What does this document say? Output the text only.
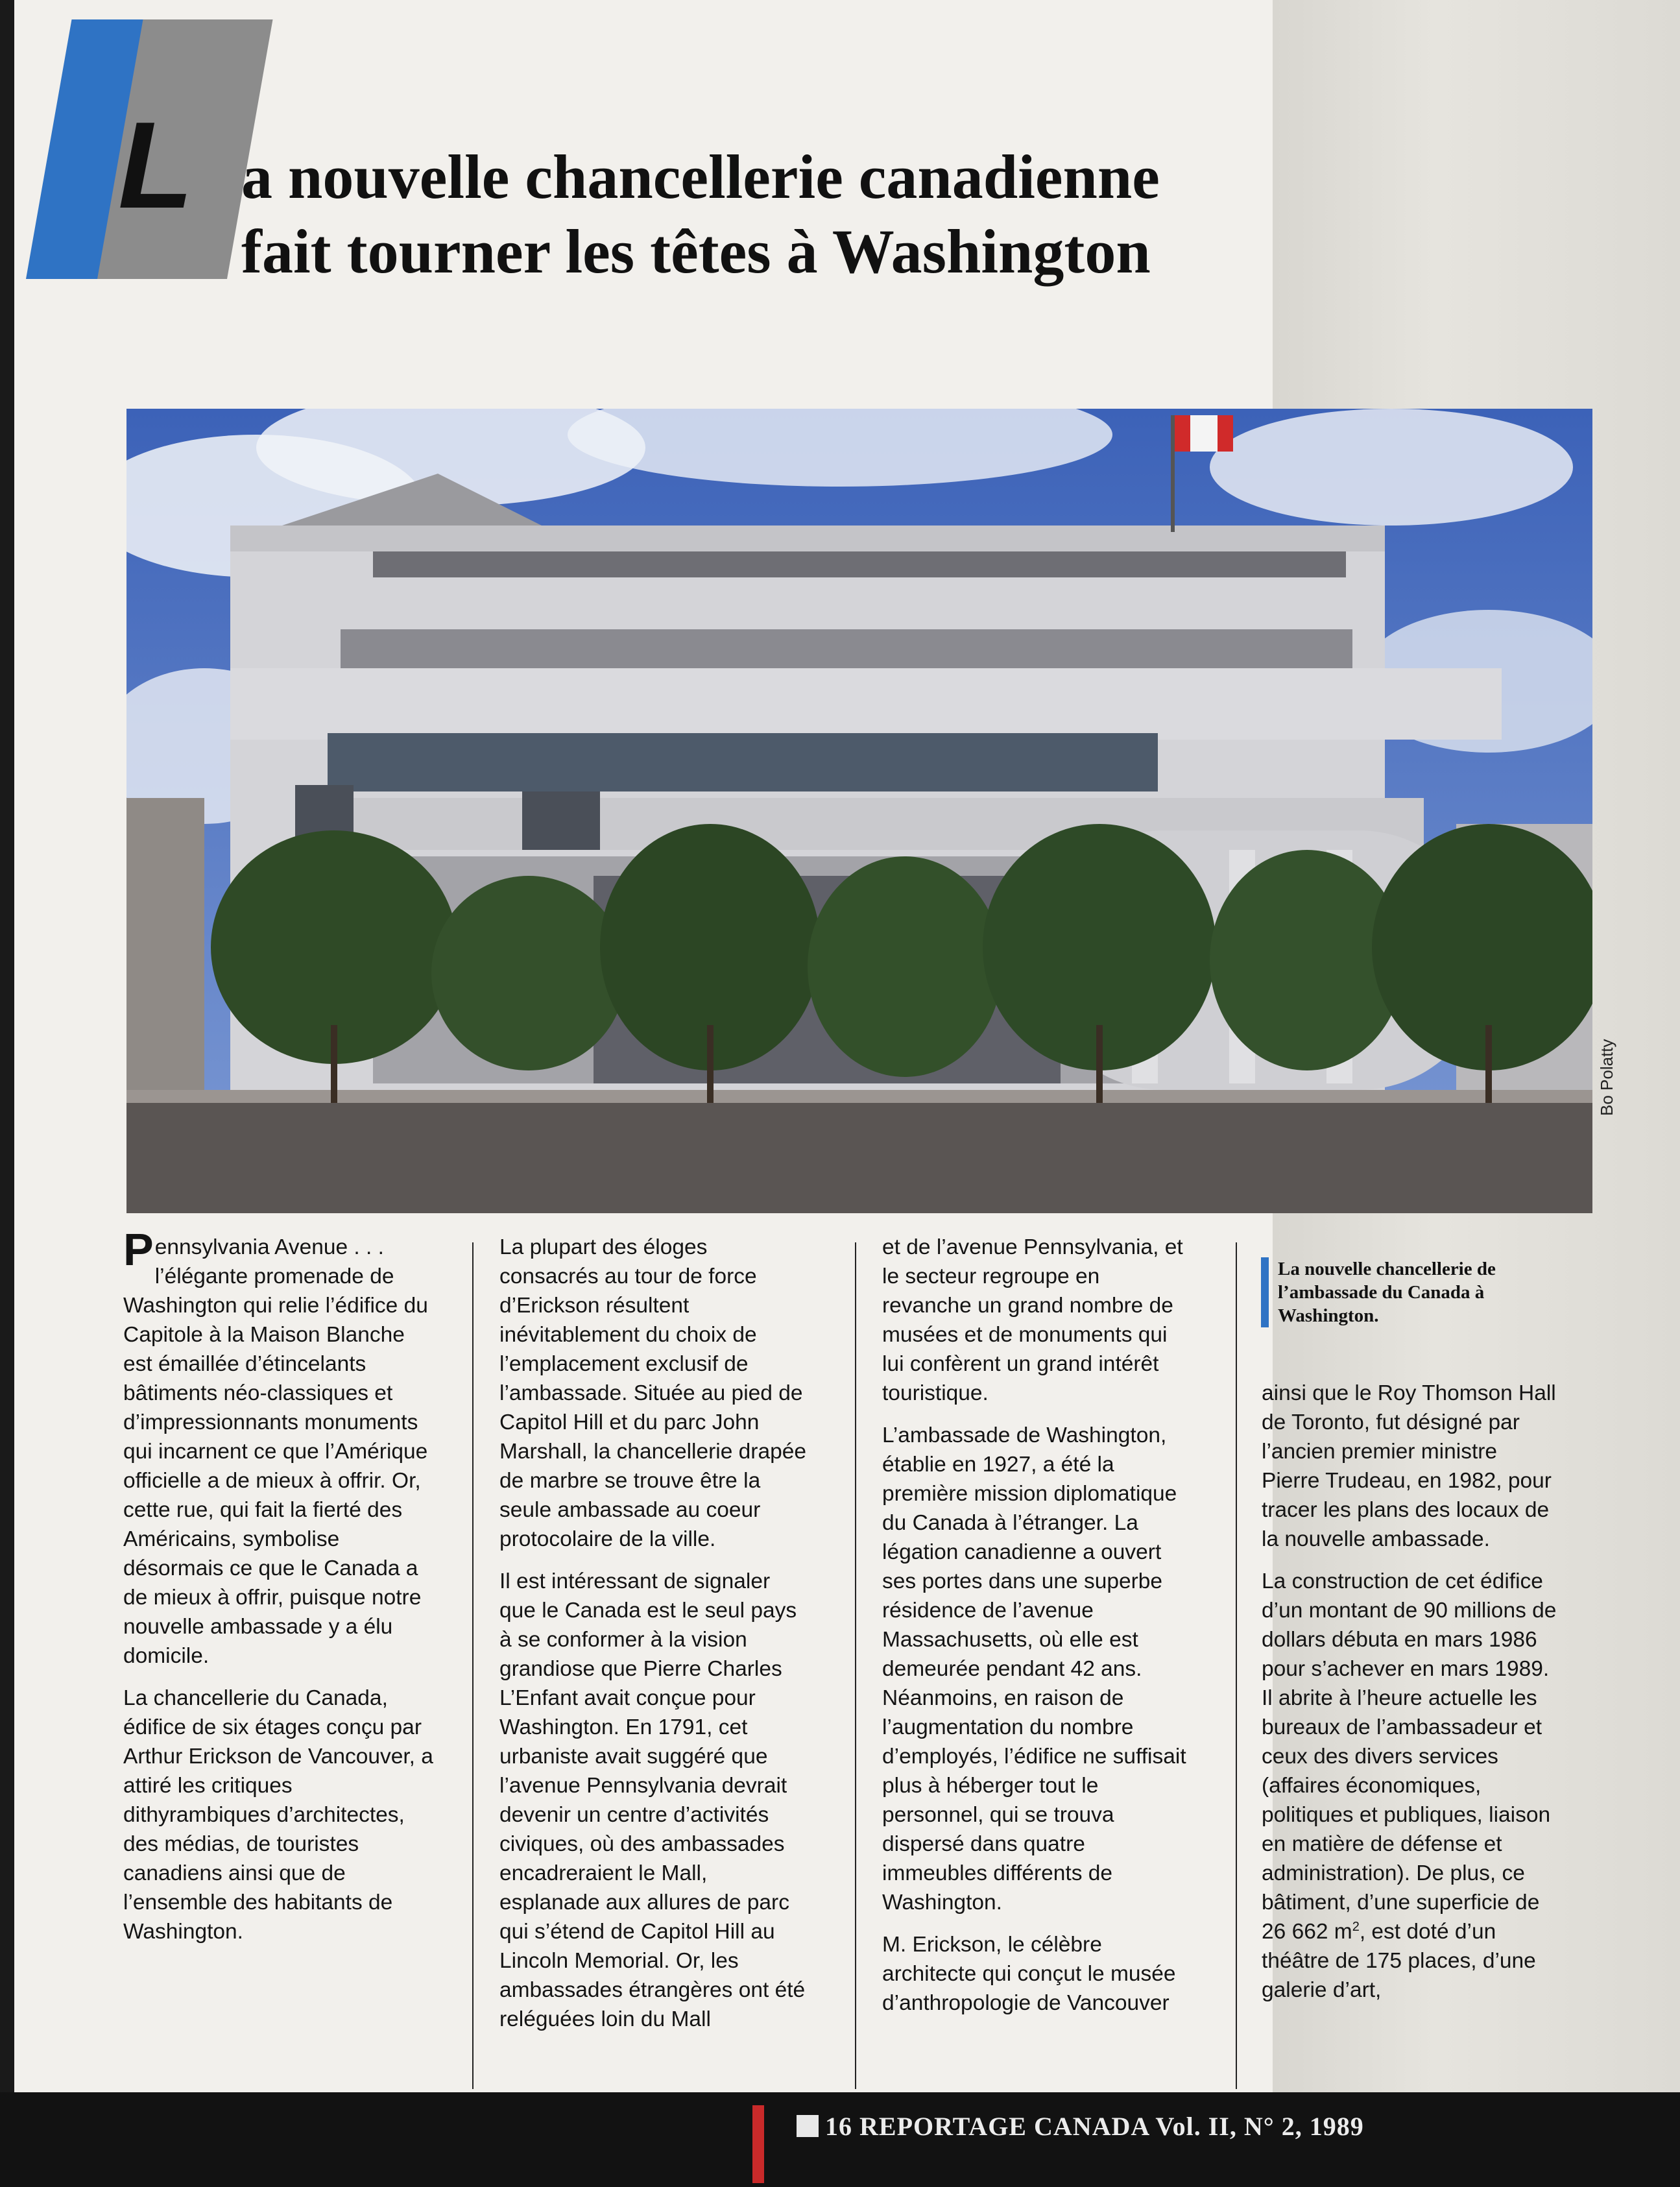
L a nouvelle chancellerie canadienne
fait tourner les têtes à Washington
Bo Polatty

Pennsylvania Avenue . . . l’élégante promenade de Washington qui relie l’édifice du Capitole à la Maison Blanche est émaillée d’étincelants bâtiments néo-classiques et d’impressionnants monuments qui incarnent ce que l’Amérique officielle a de mieux à offrir. Or, cette rue, qui fait la fierté des Américains, symbolise désormais ce que le Canada a de mieux à offrir, puisque notre nouvelle ambassade y a élu domicile.

La chancellerie du Canada, édifice de six étages conçu par Arthur Erickson de Vancouver, a attiré les critiques dithyrambiques d’architectes, des médias, de touristes canadiens ainsi que de l’ensemble des habitants de Washington.

La plupart des éloges consacrés au tour de force d’Erickson résultent inévitablement du choix de l’emplacement exclusif de l’ambassade. Située au pied de Capitol Hill et du parc John Marshall, la chancellerie drapée de marbre se trouve être la seule ambassade au coeur protocolaire de la ville.

Il est intéressant de signaler que le Canada est le seul pays à se conformer à la vision grandiose que Pierre Charles L’Enfant avait conçue pour Washington. En 1791, cet urbaniste avait suggéré que l’avenue Pennsylvania devrait devenir un centre d’activités civiques, où des ambassades encadreraient le Mall, esplanade aux allures de parc qui s’étend de Capitol Hill au Lincoln Memorial. Or, les ambassades étrangères ont été reléguées loin du Mall

et de l’avenue Pennsylvania, et le secteur regroupe en revanche un grand nombre de musées et de monuments qui lui confèrent un grand intérêt touristique.

L’ambassade de Washington, établie en 1927, a été la première mission diplomatique du Canada à l’étranger. La légation canadienne a ouvert ses portes dans une superbe résidence de l’avenue Massachusetts, où elle est demeurée pendant 42 ans. Néanmoins, en raison de l’augmentation du nombre d’employés, l’édifice ne suffisait plus à héberger tout le personnel, qui se trouva dispersé dans quatre immeubles différents de Washington.

M. Erickson, le célèbre architecte qui conçut le musée d’anthropologie de Vancouver

La nouvelle chancellerie de l’ambassade du Canada à Washington.

ainsi que le Roy Thomson Hall de Toronto, fut désigné par l’ancien premier ministre Pierre Trudeau, en 1982, pour tracer les plans des locaux de la nouvelle ambassade.

La construction de cet édifice d’un montant de 90 millions de dollars débuta en mars 1986 pour s’achever en mars 1989. Il abrite à l’heure actuelle les bureaux de l’ambassadeur et ceux des divers services (affaires économiques, politiques et publiques, liaison en matière de défense et administration). De plus, ce bâtiment, d’une superficie de 26 662 $m^2$, est doté d’un théâtre de 175 places, d’une galerie d’art,

16 REPORTAGE CANADA Vol. II, N° 2, 1989
